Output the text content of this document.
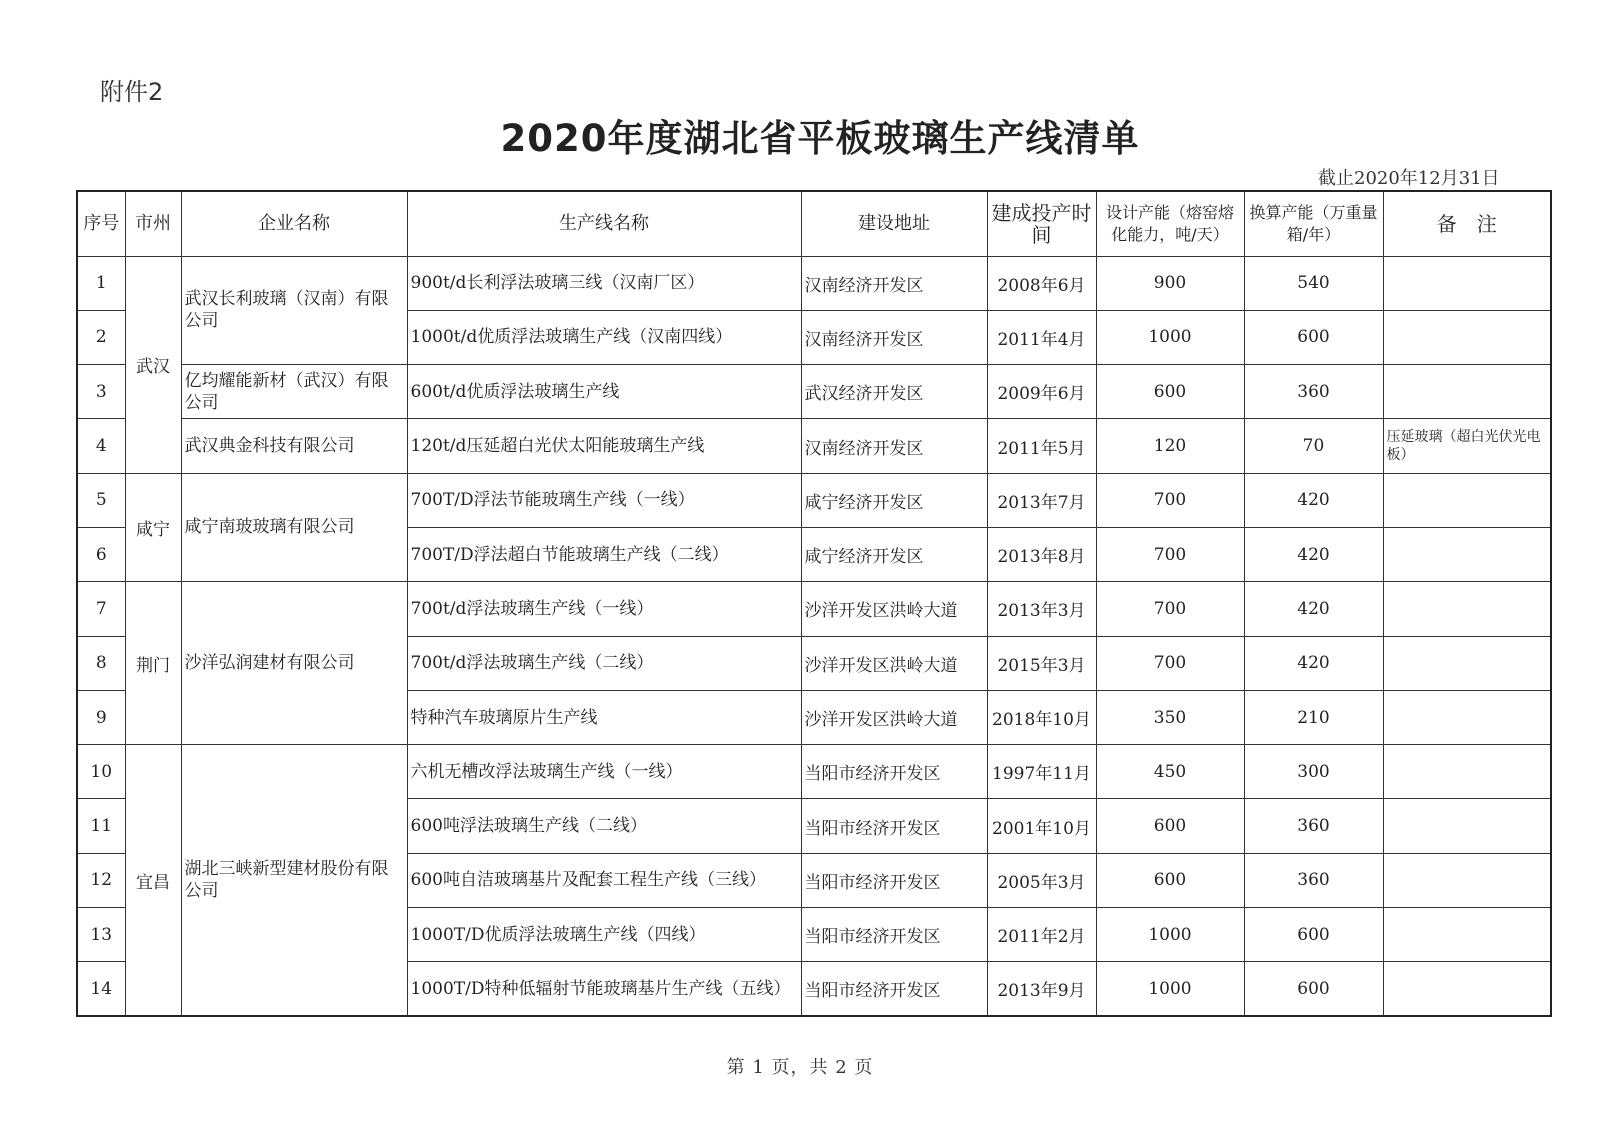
附件2
2020年度湖北省平板玻璃生产线清单
截止2020年12月31日
序号	市州	企业名称	生产线名称	建设地址	建成投产时　间	设计产能（熔窑熔化能力，吨/天）	换算产能（万重量箱/年）	备　注
1	武汉	武汉长利玻璃（汉南）有限公司	900t/d长利浮法玻璃三线（汉南厂区）	汉南经济开发区	2008年6月	900	540	
2			1000t/d优质浮法玻璃生产线（汉南四线）	汉南经济开发区	2011年4月	1000	600	
3		亿均耀能新材（武汉）有限公司	600t/d优质浮法玻璃生产线	武汉经济开发区	2009年6月	600	360	
4		武汉典金科技有限公司	120t/d压延超白光伏太阳能玻璃生产线	汉南经济开发区	2011年5月	120	70	压延玻璃（超白光伏光电板）
5	咸宁	咸宁南玻玻璃有限公司	700T/D浮法节能玻璃生产线（一线）	咸宁经济开发区	2013年7月	700	420	
6			700T/D浮法超白节能玻璃生产线（二线）	咸宁经济开发区	2013年8月	700	420	
7	荆门	沙洋弘润建材有限公司	700t/d浮法玻璃生产线（一线）	沙洋开发区洪岭大道	2013年3月	700	420	
8			700t/d浮法玻璃生产线（二线）	沙洋开发区洪岭大道	2015年3月	700	420	
9			特种汽车玻璃原片生产线	沙洋开发区洪岭大道	2018年10月	350	210	
10	宜昌	湖北三峡新型建材股份有限公司	六机无槽改浮法玻璃生产线（一线）	当阳市经济开发区	1997年11月	450	300	
11			600吨浮法玻璃生产线（二线）	当阳市经济开发区	2001年10月	600	360	
12			600吨自洁玻璃基片及配套工程生产线（三线）	当阳市经济开发区	2005年3月	600	360	
13			1000T/D优质浮法玻璃生产线（四线）	当阳市经济开发区	2011年2月	1000	600	
14			1000T/D特种低辐射节能玻璃基片生产线（五线）	当阳市经济开发区	2013年9月	1000	600	
第 1 页，共 2 页
